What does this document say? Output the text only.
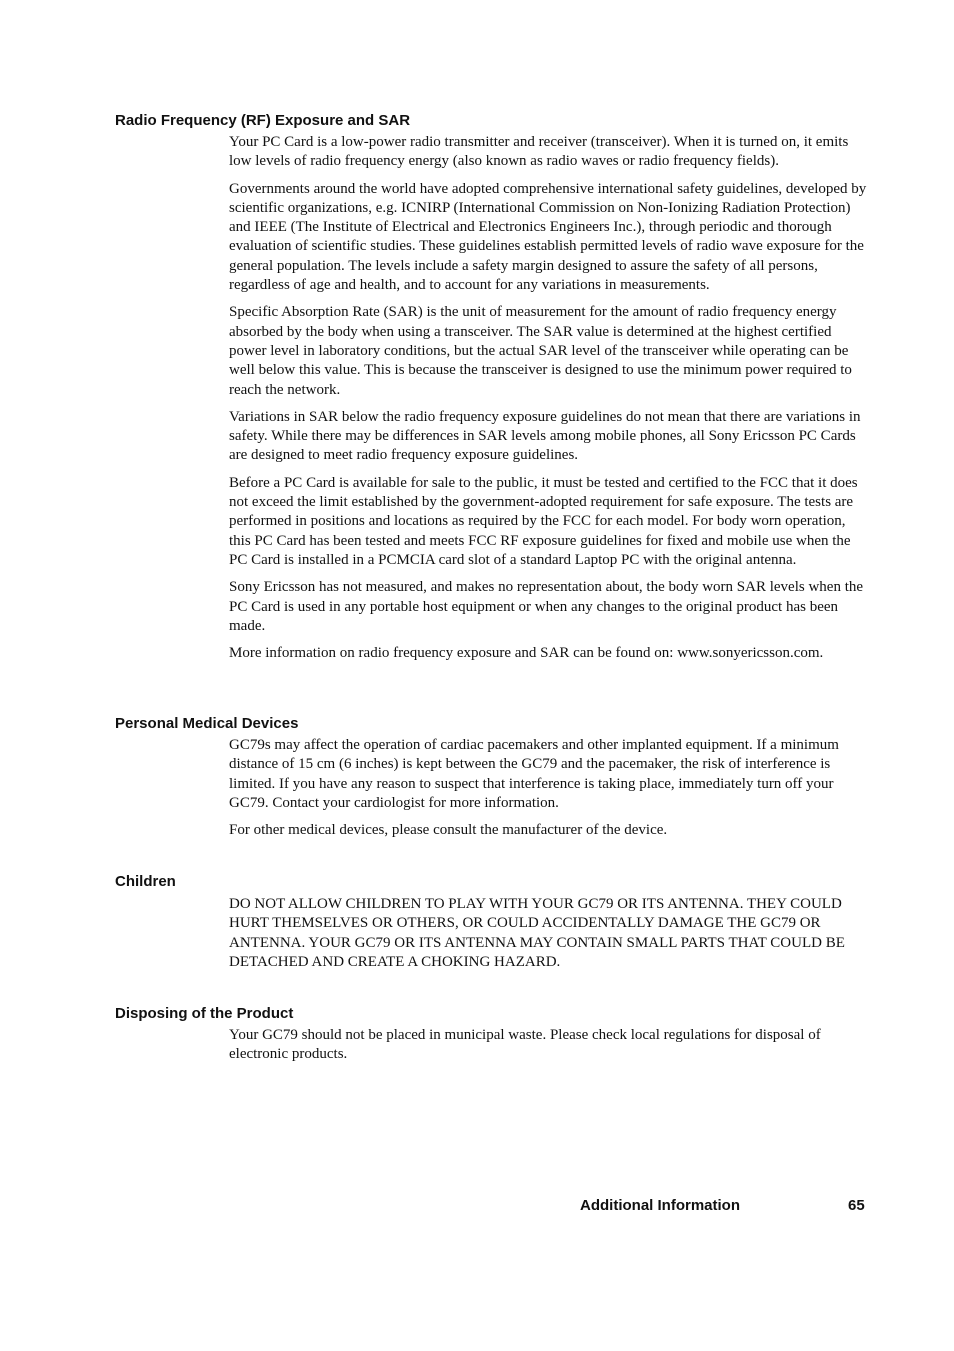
Radio Frequency (RF) Exposure and SAR

Your PC Card is a low-power radio transmitter and receiver (transceiver). When it is turned on, it emits low levels of radio frequency energy (also known as radio waves or radio frequency fields).

Governments around the world have adopted comprehensive international safety guidelines, developed by scientific organizations, e.g. ICNIRP (International Commission on Non-Ionizing Radiation Protection) and IEEE (The Institute of Electrical and Electronics Engineers Inc.), through periodic and thorough evaluation of scientific studies. These guidelines establish permitted levels of radio wave exposure for the general population. The levels include a safety margin designed to assure the safety of all persons, regardless of age and health, and to account for any variations in measurements.

Specific Absorption Rate (SAR) is the unit of measurement for the amount of radio frequency energy absorbed by the body when using a transceiver. The SAR value is determined at the highest certified power level in laboratory conditions, but the actual SAR level of the transceiver while operating can be well below this value. This is because the transceiver is designed to use the minimum power required to reach the network.

Variations in SAR below the radio frequency exposure guidelines do not mean that there are variations in safety. While there may be differences in SAR levels among mobile phones, all Sony Ericsson PC Cards are designed to meet radio frequency exposure guidelines.

Before a PC Card is available for sale to the public, it must be tested and certified to the FCC that it does not exceed the limit established by the government-adopted requirement for safe exposure. The tests are performed in positions and locations as required by the FCC for each model. For body worn operation, this PC Card has been tested and meets FCC RF exposure guidelines for fixed and mobile use when the PC Card is installed in a PCMCIA card slot of a standard Laptop PC with the original antenna.

Sony Ericsson has not measured, and makes no representation about, the body worn SAR levels when the PC Card is used in any portable host equipment or when any changes to the original product has been made.

More information on radio frequency exposure and SAR can be found on: www.sonyericsson.com.

Personal Medical Devices

GC79s may affect the operation of cardiac pacemakers and other implanted equipment. If a minimum distance of 15 cm (6 inches) is kept between the GC79 and the pacemaker, the risk of interference is limited. If you have any reason to suspect that interference is taking place, immediately turn off your GC79. Contact your cardiologist for more information.

For other medical devices, please consult the manufacturer of the device.

Children

DO NOT ALLOW CHILDREN TO PLAY WITH YOUR GC79 OR ITS ANTENNA. THEY COULD HURT THEMSELVES OR OTHERS, OR COULD ACCIDENTALLY DAMAGE THE GC79 OR ANTENNA. YOUR GC79 OR ITS ANTENNA MAY CONTAIN SMALL PARTS THAT COULD BE DETACHED AND CREATE A CHOKING HAZARD.

Disposing of the Product

Your GC79 should not be placed in municipal waste. Please check local regulations for disposal of electronic products.

Additional Information	65
